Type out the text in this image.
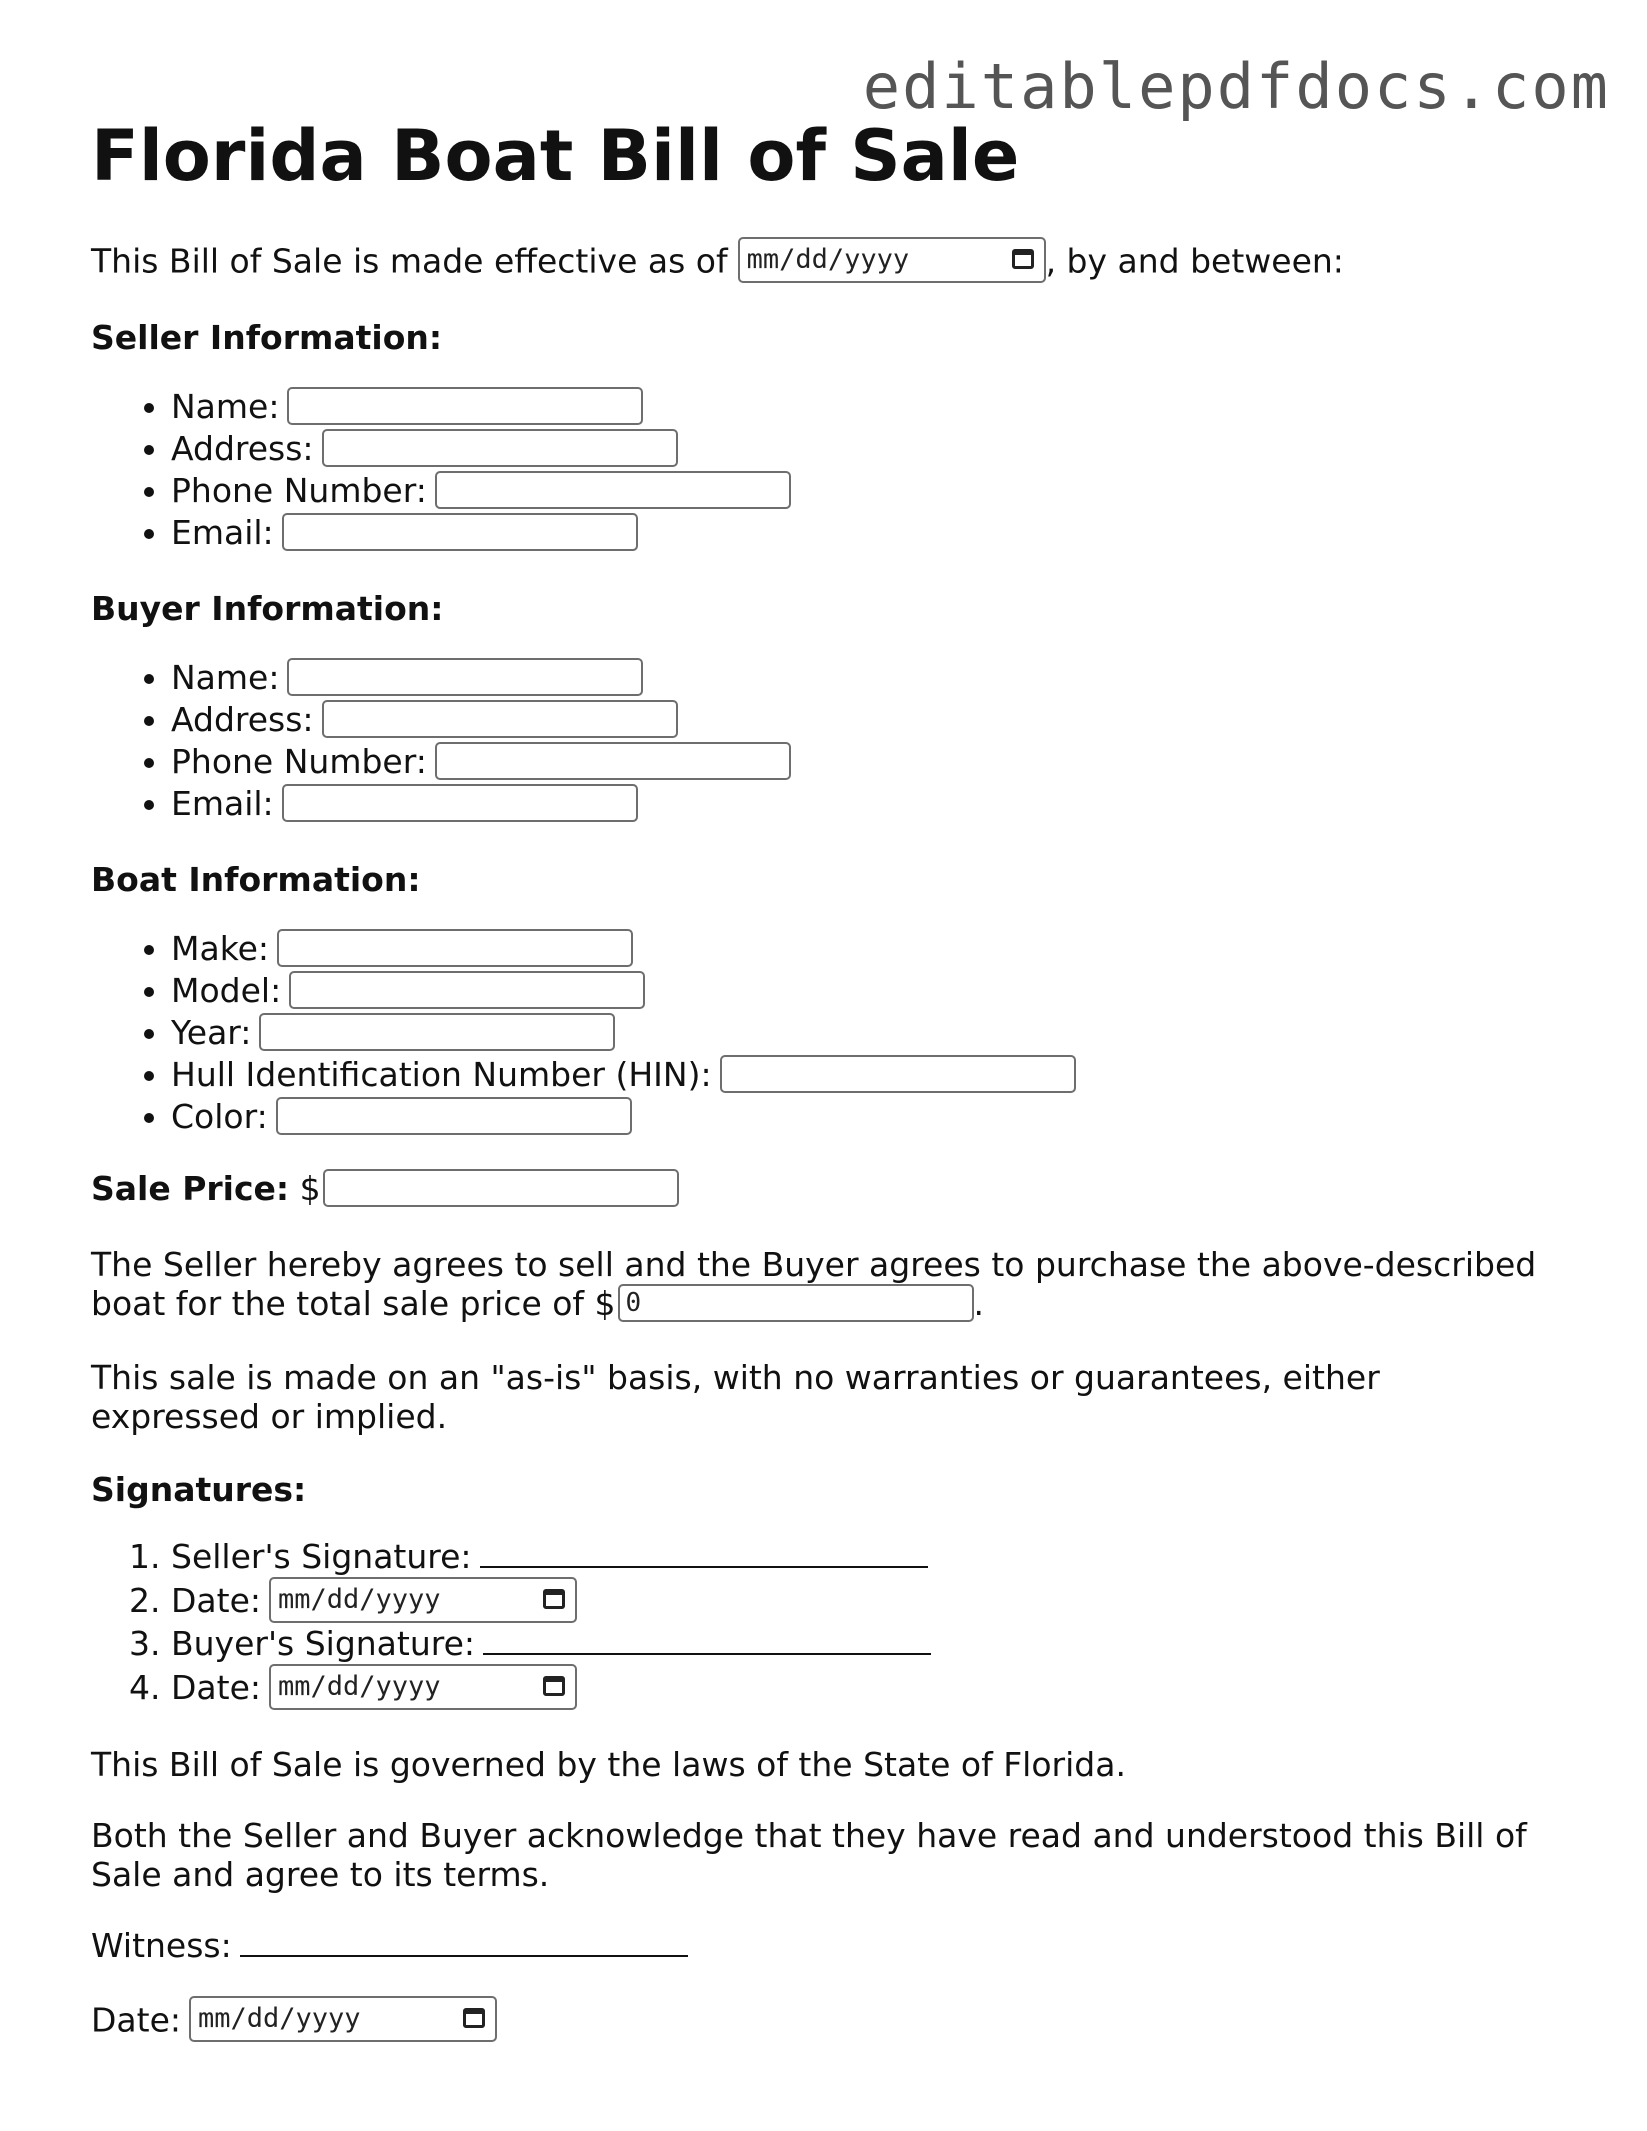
editablepdfdocs.com
Florida Boat Bill of Sale
This Bill of Sale is made effective as of mm/dd/yyyy	, by and between:
Seller Information:
• Name:
• Address:
• Phone Number:
• Email:
Buyer Information:
• Name:
• Address:
• Phone Number:
• Email:
Boat Information:
• Make:
• Model:
• Year:
• Hull Identification Number (HIN):
• Color:
Sale Price: $
The Seller hereby agrees to sell and the Buyer agrees to purchase the above-described boat for the total sale price of $ 0	.
This sale is made on an "as-is" basis, with no warranties or guarantees, either expressed or implied.
Signatures:
1. Seller's Signature:
2. Date: mm/dd/yyyy
3. Buyer's Signature:
4. Date: mm/dd/yyyy
This Bill of Sale is governed by the laws of the State of Florida.
Both the Seller and Buyer acknowledge that they have read and understood this Bill of Sale and agree to its terms.
Witness:
Date: mm/dd/yyyy
